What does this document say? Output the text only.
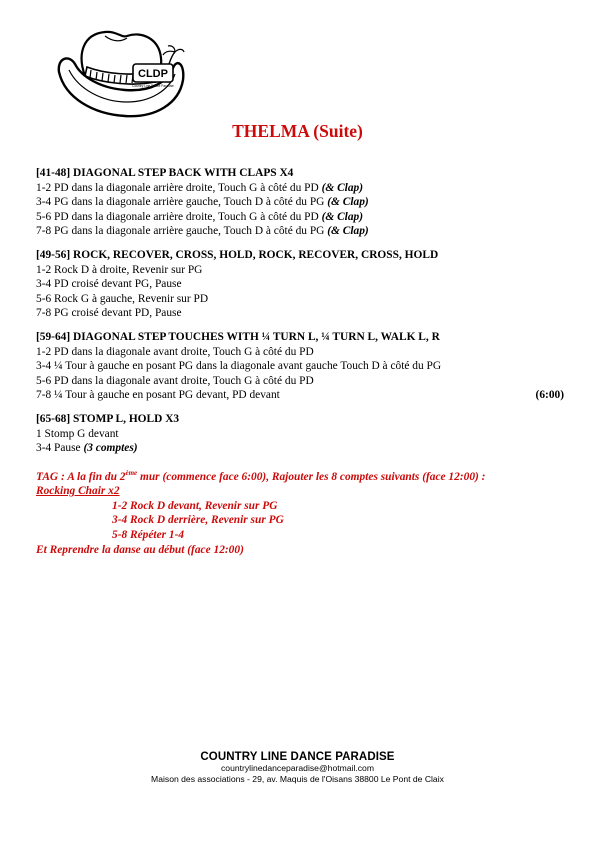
CLDP
Country Line Dance Paradise
THELMA (Suite)
[41-48] DIAGONAL STEP BACK WITH CLAPS X4
1-2 PD dans la diagonale arrière droite, Touch G à côté du PD (& Clap)
3-4 PG dans la diagonale arrière gauche, Touch D à côté du PG (& Clap)
5-6 PD dans la diagonale arrière droite, Touch G à côté du PD (& Clap)
7-8 PG dans la diagonale arrière gauche, Touch D à côté du PG (& Clap)
[49-56] ROCK, RECOVER, CROSS, HOLD, ROCK, RECOVER, CROSS, HOLD
1-2 Rock D à droite, Revenir sur PG
3-4 PD croisé devant PG, Pause
5-6 Rock G à gauche, Revenir sur PD
7-8 PG croisé devant PD, Pause
[59-64] DIAGONAL STEP TOUCHES WITH ¼ TURN L, ¼ TURN L, WALK L, R
1-2 PD dans la diagonale avant droite, Touch G à côté du PD
3-4 ¼ Tour à gauche en posant PG dans la diagonale avant gauche Touch D à côté du PG
5-6 PD dans la diagonale avant droite, Touch G à côté du PD
7-8 ¼ Tour à gauche en posant PG devant, PD devant	(6:00)
[65-68] STOMP L, HOLD X3
1 Stomp G devant
3-4 Pause (3 comptes)
TAG : A la fin du 2ème mur (commence face 6:00), Rajouter les 8 comptes suivants (face 12:00) :
Rocking Chair x2
1-2 Rock D devant, Revenir sur PG
3-4 Rock D derrière, Revenir sur PG
5-8 Répéter 1-4
Et Reprendre la danse au début (face 12:00)
COUNTRY LINE DANCE PARADISE
countrylinedanceparadise@hotmail.com
Maison des associations - 29, av. Maquis de l'Oisans 38800 Le Pont de Claix
